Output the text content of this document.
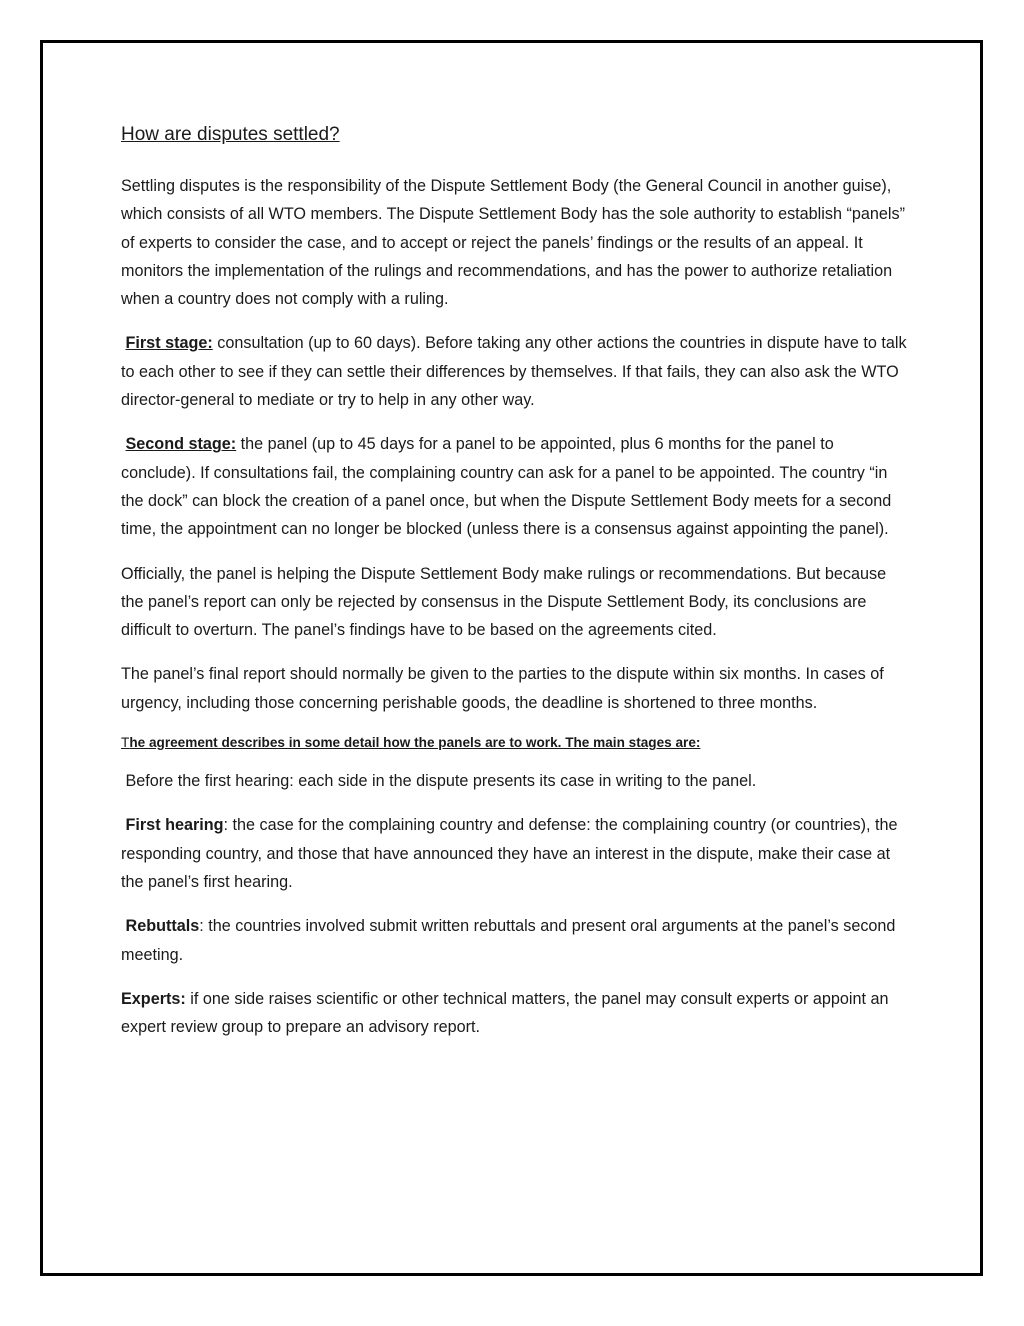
How are disputes settled?

Settling disputes is the responsibility of the Dispute Settlement Body (the General Council in another guise), which consists of all WTO members. The Dispute Settlement Body has the sole authority to establish “panels” of experts to consider the case, and to accept or reject the panels’ findings or the results of an appeal. It monitors the implementation of the rulings and recommendations, and has the power to authorize retaliation when a country does not comply with a ruling.

First stage: consultation (up to 60 days). Before taking any other actions the countries in dispute have to talk to each other to see if they can settle their differences by themselves. If that fails, they can also ask the WTO director-general to mediate or try to help in any other way.

Second stage: the panel (up to 45 days for a panel to be appointed, plus 6 months for the panel to conclude). If consultations fail, the complaining country can ask for a panel to be appointed. The country “in the dock” can block the creation of a panel once, but when the Dispute Settlement Body meets for a second time, the appointment can no longer be blocked (unless there is a consensus against appointing the panel).

Officially, the panel is helping the Dispute Settlement Body make rulings or recommendations. But because the panel’s report can only be rejected by consensus in the Dispute Settlement Body, its conclusions are difficult to overturn. The panel’s findings have to be based on the agreements cited.

The panel’s final report should normally be given to the parties to the dispute within six months. In cases of urgency, including those concerning perishable goods, the deadline is shortened to three months.

The agreement describes in some detail how the panels are to work. The main stages are:

Before the first hearing: each side in the dispute presents its case in writing to the panel.

First hearing: the case for the complaining country and defense: the complaining country (or countries), the responding country, and those that have announced they have an interest in the dispute, make their case at the panel’s first hearing.

Rebuttals: the countries involved submit written rebuttals and present oral arguments at the panel’s second meeting.

Experts: if one side raises scientific or other technical matters, the panel may consult experts or appoint an expert review group to prepare an advisory report.
